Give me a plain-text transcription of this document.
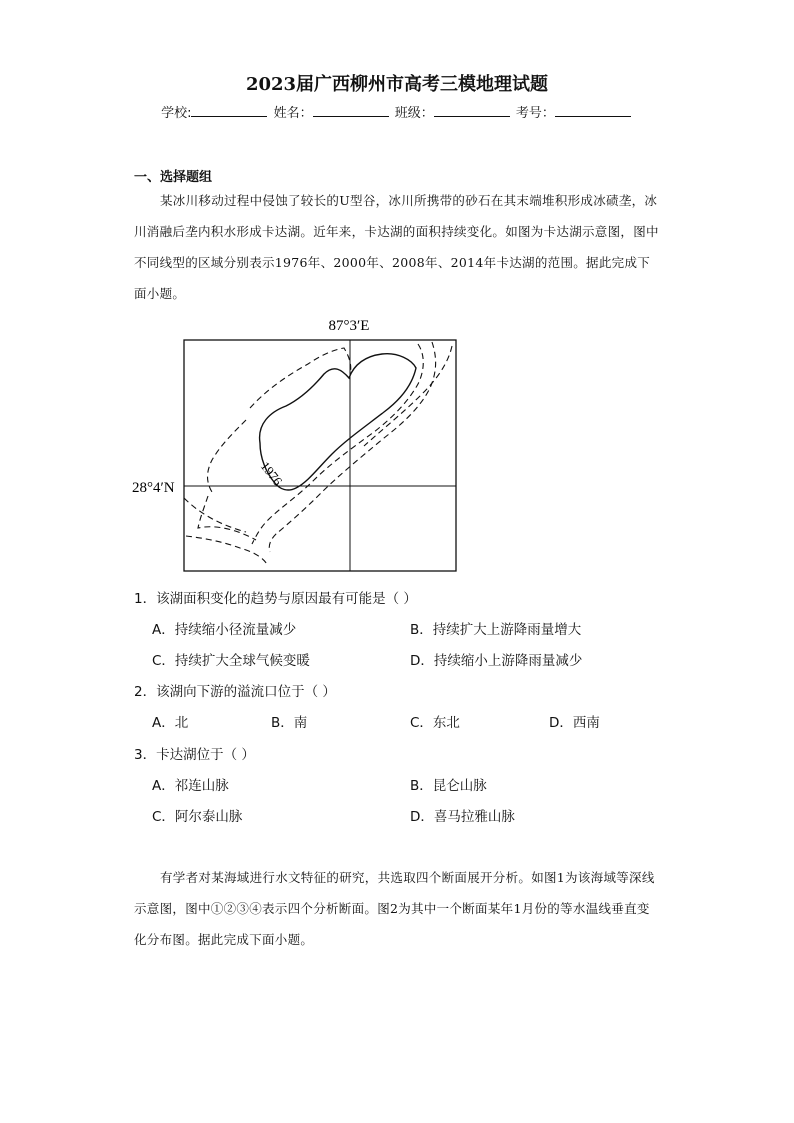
2023届广西柳州市高考三模地理试题
学校:	姓名：	班级：	考号：
一、选择题组
某冰川移动过程中侵蚀了较长的U型谷，冰川所携带的砂石在其末端堆积形成冰碛垄，冰川消融后垄内积水形成卡达湖。近年来，卡达湖的面积持续变化。如图为卡达湖示意图，图中不同线型的区域分别表示1976年、2000年、2008年、2014年卡达湖的范围。据此完成下面小题。
87°3′E
28°4′N	1976
1．该湖面积变化的趋势与原因最有可能是（ ）
A．持续缩小径流量减少	B．持续扩大上游降雨量增大
C．持续扩大全球气候变暖	D．持续缩小上游降雨量减少
2．该湖向下游的溢流口位于（ ）
A．北	B．南	C．东北	D．西南
3．卡达湖位于（ ）
A．祁连山脉	B．昆仑山脉
C．阿尔泰山脉	D．喜马拉雅山脉
有学者对某海域进行水文特征的研究，共选取四个断面展开分析。如图1为该海域等深线示意图，图中①②③④表示四个分析断面。图2为其中一个断面某年1月份的等水温线垂直变化分布图。据此完成下面小题。
